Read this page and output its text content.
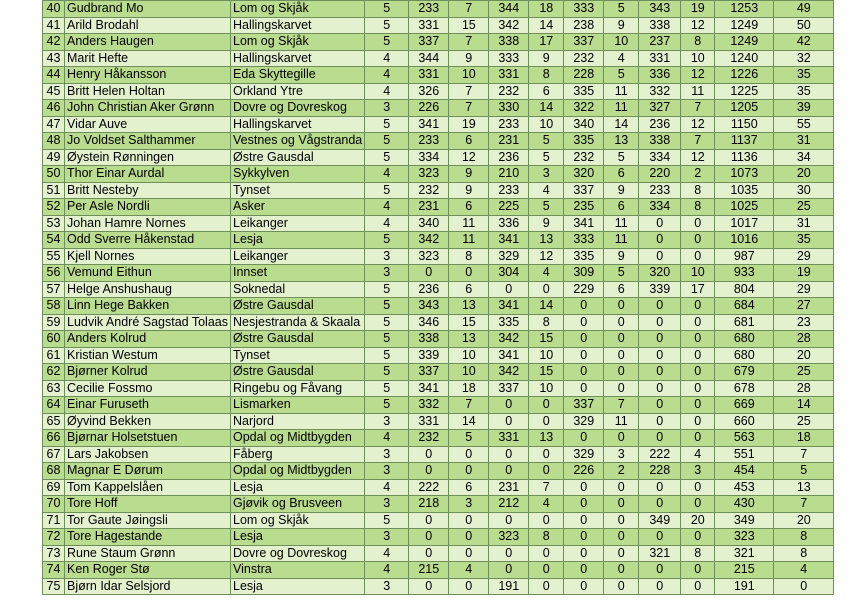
40	Gudbrand Mo	Lom og Skjåk	5	233	7	344	18	333	5	343	19	1253	49
41	Arild Brodahl	Hallingskarvet	5	331	15	342	14	238	9	338	12	1249	50
42	Anders Haugen	Lom og Skjåk	5	337	7	338	17	337	10	237	8	1249	42
43	Marit Hefte	Hallingskarvet	4	344	9	333	9	232	4	331	10	1240	32
44	Henry Håkansson	Eda Skyttegille	4	331	10	331	8	228	5	336	12	1226	35
45	Britt Helen Holtan	Orkland Ytre	4	326	7	232	6	335	11	332	11	1225	35
46	John Christian Aker Grønn	Dovre og Dovreskog	3	226	7	330	14	322	11	327	7	1205	39
47	Vidar Auve	Hallingskarvet	5	341	19	233	10	340	14	236	12	1150	55
48	Jo Voldset Salthammer	Vestnes og Vågstranda	5	233	6	231	5	335	13	338	7	1137	31
49	Øystein Rønningen	Østre Gausdal	5	334	12	236	5	232	5	334	12	1136	34
50	Thor Einar Aurdal	Sykkylven	4	323	9	210	3	320	6	220	2	1073	20
51	Britt Nesteby	Tynset	5	232	9	233	4	337	9	233	8	1035	30
52	Per Asle Nordli	Asker	4	231	6	225	5	235	6	334	8	1025	25
53	Johan Hamre Nornes	Leikanger	4	340	11	336	9	341	11	0	0	1017	31
54	Odd Sverre Håkenstad	Lesja	5	342	11	341	13	333	11	0	0	1016	35
55	Kjell Nornes	Leikanger	3	323	8	329	12	335	9	0	0	987	29
56	Vemund Eithun	Innset	3	0	0	304	4	309	5	320	10	933	19
57	Helge Anshushaug	Soknedal	5	236	6	0	0	229	6	339	17	804	29
58	Linn Hege Bakken	Østre Gausdal	5	343	13	341	14	0	0	0	0	684	27
59	Ludvik André Sagstad Tolaas	Nesjestranda & Skaala	5	346	15	335	8	0	0	0	0	681	23
60	Anders Kolrud	Østre Gausdal	5	338	13	342	15	0	0	0	0	680	28
61	Kristian Westum	Tynset	5	339	10	341	10	0	0	0	0	680	20
62	Bjørner Kolrud	Østre Gausdal	5	337	10	342	15	0	0	0	0	679	25
63	Cecilie Fossmo	Ringebu og Fåvang	5	341	18	337	10	0	0	0	0	678	28
64	Einar Furuseth	Lismarken	5	332	7	0	0	337	7	0	0	669	14
65	Øyvind Bekken	Narjord	3	331	14	0	0	329	11	0	0	660	25
66	Bjørnar Holsetstuen	Opdal og Midtbygden	4	232	5	331	13	0	0	0	0	563	18
67	Lars Jakobsen	Fåberg	3	0	0	0	0	329	3	222	4	551	7
68	Magnar E Dørum	Opdal og Midtbygden	3	0	0	0	0	226	2	228	3	454	5
69	Tom Kappelslåen	Lesja	4	222	6	231	7	0	0	0	0	453	13
70	Tore Hoff	Gjøvik og Brusveen	3	218	3	212	4	0	0	0	0	430	7
71	Tor Gaute Jøingsli	Lom og Skjåk	5	0	0	0	0	0	0	349	20	349	20
72	Tore Hagestande	Lesja	3	0	0	323	8	0	0	0	0	323	8
73	Rune Staum Grønn	Dovre og Dovreskog	4	0	0	0	0	0	0	321	8	321	8
74	Ken Roger Stø	Vinstra	4	215	4	0	0	0	0	0	0	215	4
75	Bjørn Idar Selsjord	Lesja	3	0	0	191	0	0	0	0	0	191	0
